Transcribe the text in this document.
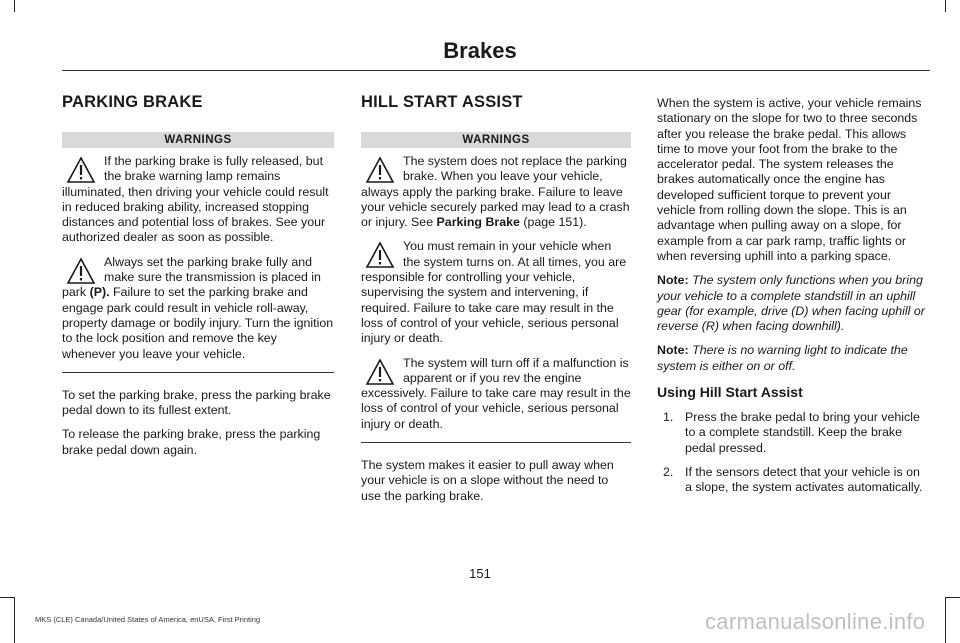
Brakes
PARKING BRAKE
WARNINGS
If the parking brake is fully released, but the brake warning lamp remains illuminated, then driving your vehicle could result in reduced braking ability, increased stopping distances and potential loss of brakes. See your authorized dealer as soon as possible.
Always set the parking brake fully and make sure the transmission is placed in park (P). Failure to set the parking brake and engage park could result in vehicle roll-away, property damage or bodily injury. Turn the ignition to the lock position and remove the key whenever you leave your vehicle.

To set the parking brake, press the parking brake pedal down to its fullest extent.

To release the parking brake, press the parking brake pedal down again.

HILL START ASSIST
WARNINGS
The system does not replace the parking brake. When you leave your vehicle, always apply the parking brake. Failure to leave your vehicle securely parked may lead to a crash or injury. See Parking Brake (page 151).
You must remain in your vehicle when the system turns on. At all times, you are responsible for controlling your vehicle, supervising the system and intervening, if required. Failure to take care may result in the loss of control of your vehicle, serious personal injury or death.
The system will turn off if a malfunction is apparent or if you rev the engine excessively. Failure to take care may result in the loss of control of your vehicle, serious personal injury or death.

The system makes it easier to pull away when your vehicle is on a slope without the need to use the parking brake.

When the system is active, your vehicle remains stationary on the slope for two to three seconds after you release the brake pedal. This allows time to move your foot from the brake to the accelerator pedal. The system releases the brakes automatically once the engine has developed sufficient torque to prevent your vehicle from rolling down the slope. This is an advantage when pulling away on a slope, for example from a car park ramp, traffic lights or when reversing uphill into a parking space.

Note: The system only functions when you bring your vehicle to a complete standstill in an uphill gear (for example, drive (D) when facing uphill or reverse (R) when facing downhill).

Note: There is no warning light to indicate the system is either on or off.

Using Hill Start Assist
1. Press the brake pedal to bring your vehicle to a complete standstill. Keep the brake pedal pressed.
2. If the sensors detect that your vehicle is on a slope, the system activates automatically.
151
MKS (CLE) Canada/United States of America, enUSA, First Printing	carmanualsonline.info
